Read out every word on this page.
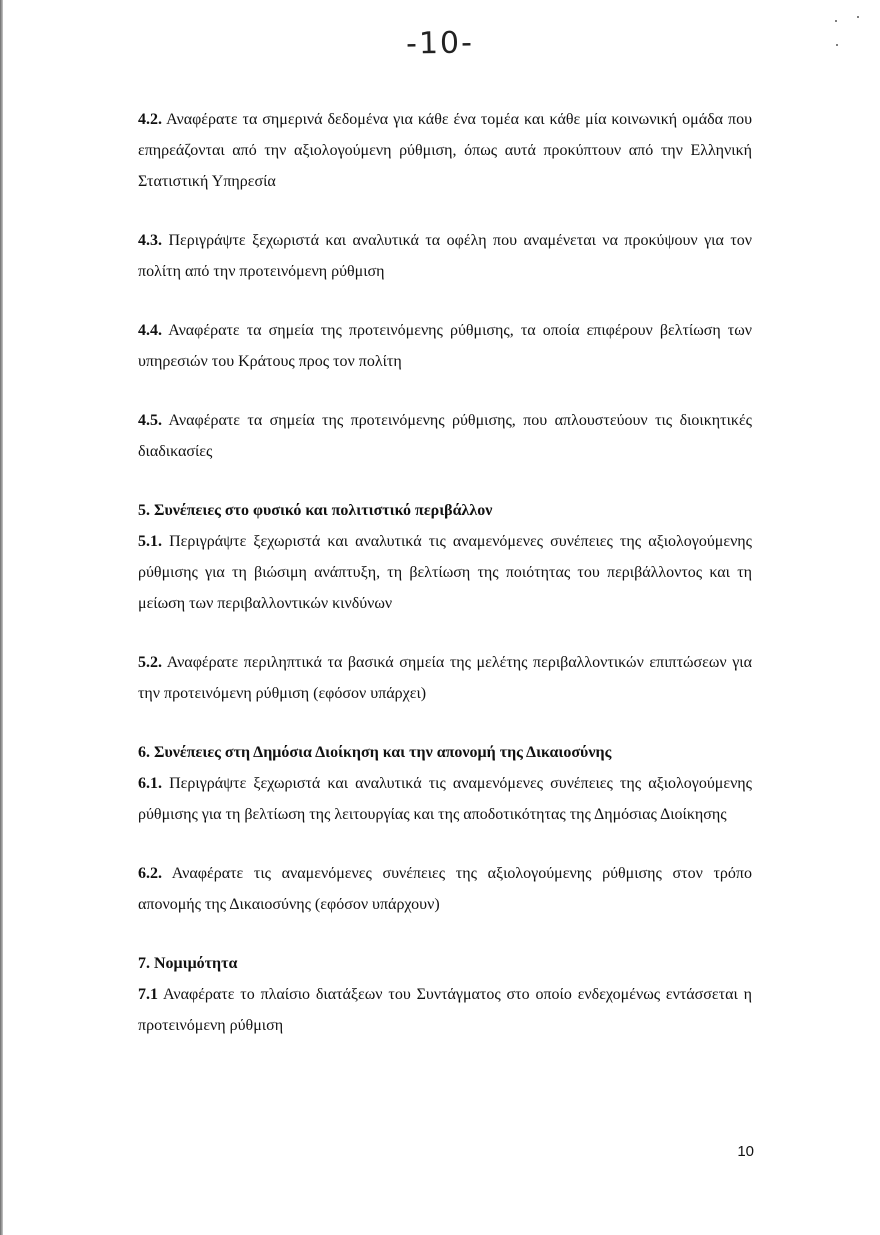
-10-

4.2. Αναφέρατε τα σημερινά δεδομένα για κάθε ένα τομέα και κάθε μία κοινωνική ομάδα που επηρεάζονται από την αξιολογούμενη ρύθμιση, όπως αυτά προκύπτουν από την Ελληνική Στατιστική Υπηρεσία

4.3. Περιγράψτε ξεχωριστά και αναλυτικά τα οφέλη που αναμένεται να προκύψουν για τον πολίτη από την προτεινόμενη ρύθμιση

4.4. Αναφέρατε τα σημεία της προτεινόμενης ρύθμισης, τα οποία επιφέρουν βελτίωση των υπηρεσιών του Κράτους προς τον πολίτη

4.5. Αναφέρατε τα σημεία της προτεινόμενης ρύθμισης, που απλουστεύουν τις διοικητικές διαδικασίες

5. Συνέπειες στο φυσικό και πολιτιστικό περιβάλλον

5.1. Περιγράψτε ξεχωριστά και αναλυτικά τις αναμενόμενες συνέπειες της αξιολογούμενης ρύθμισης για τη βιώσιμη ανάπτυξη, τη βελτίωση της ποιότητας του περιβάλλοντος και τη μείωση των περιβαλλοντικών κινδύνων

5.2. Αναφέρατε περιληπτικά τα βασικά σημεία της μελέτης περιβαλλοντικών επιπτώσεων για την προτεινόμενη ρύθμιση (εφόσον υπάρχει)

6. Συνέπειες στη Δημόσια Διοίκηση και την απονομή της Δικαιοσύνης

6.1. Περιγράψτε ξεχωριστά και αναλυτικά τις αναμενόμενες συνέπειες της αξιολογούμενης ρύθμισης για τη βελτίωση της λειτουργίας και της αποδοτικότητας της Δημόσιας Διοίκησης

6.2. Αναφέρατε τις αναμενόμενες συνέπειες της αξιολογούμενης ρύθμισης στον τρόπο απονομής της Δικαιοσύνης (εφόσον υπάρχουν)

7. Νομιμότητα

7.1 Αναφέρατε το πλαίσιο διατάξεων του Συντάγματος στο οποίο ενδεχομένως εντάσσεται η προτεινόμενη ρύθμιση

10
